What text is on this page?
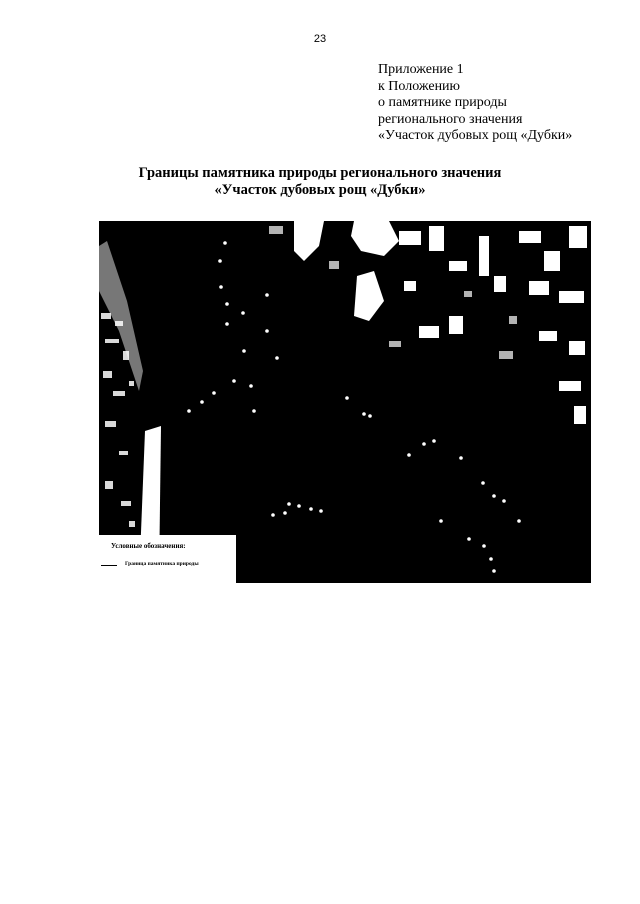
23
Приложение 1
к Положению
о памятнике природы
регионального значения
«Участок дубовых рощ «Дубки»
Границы памятника природы регионального значения
«Участок дубовых рощ «Дубки»
Условные обозначения:
Граница памятника природы
